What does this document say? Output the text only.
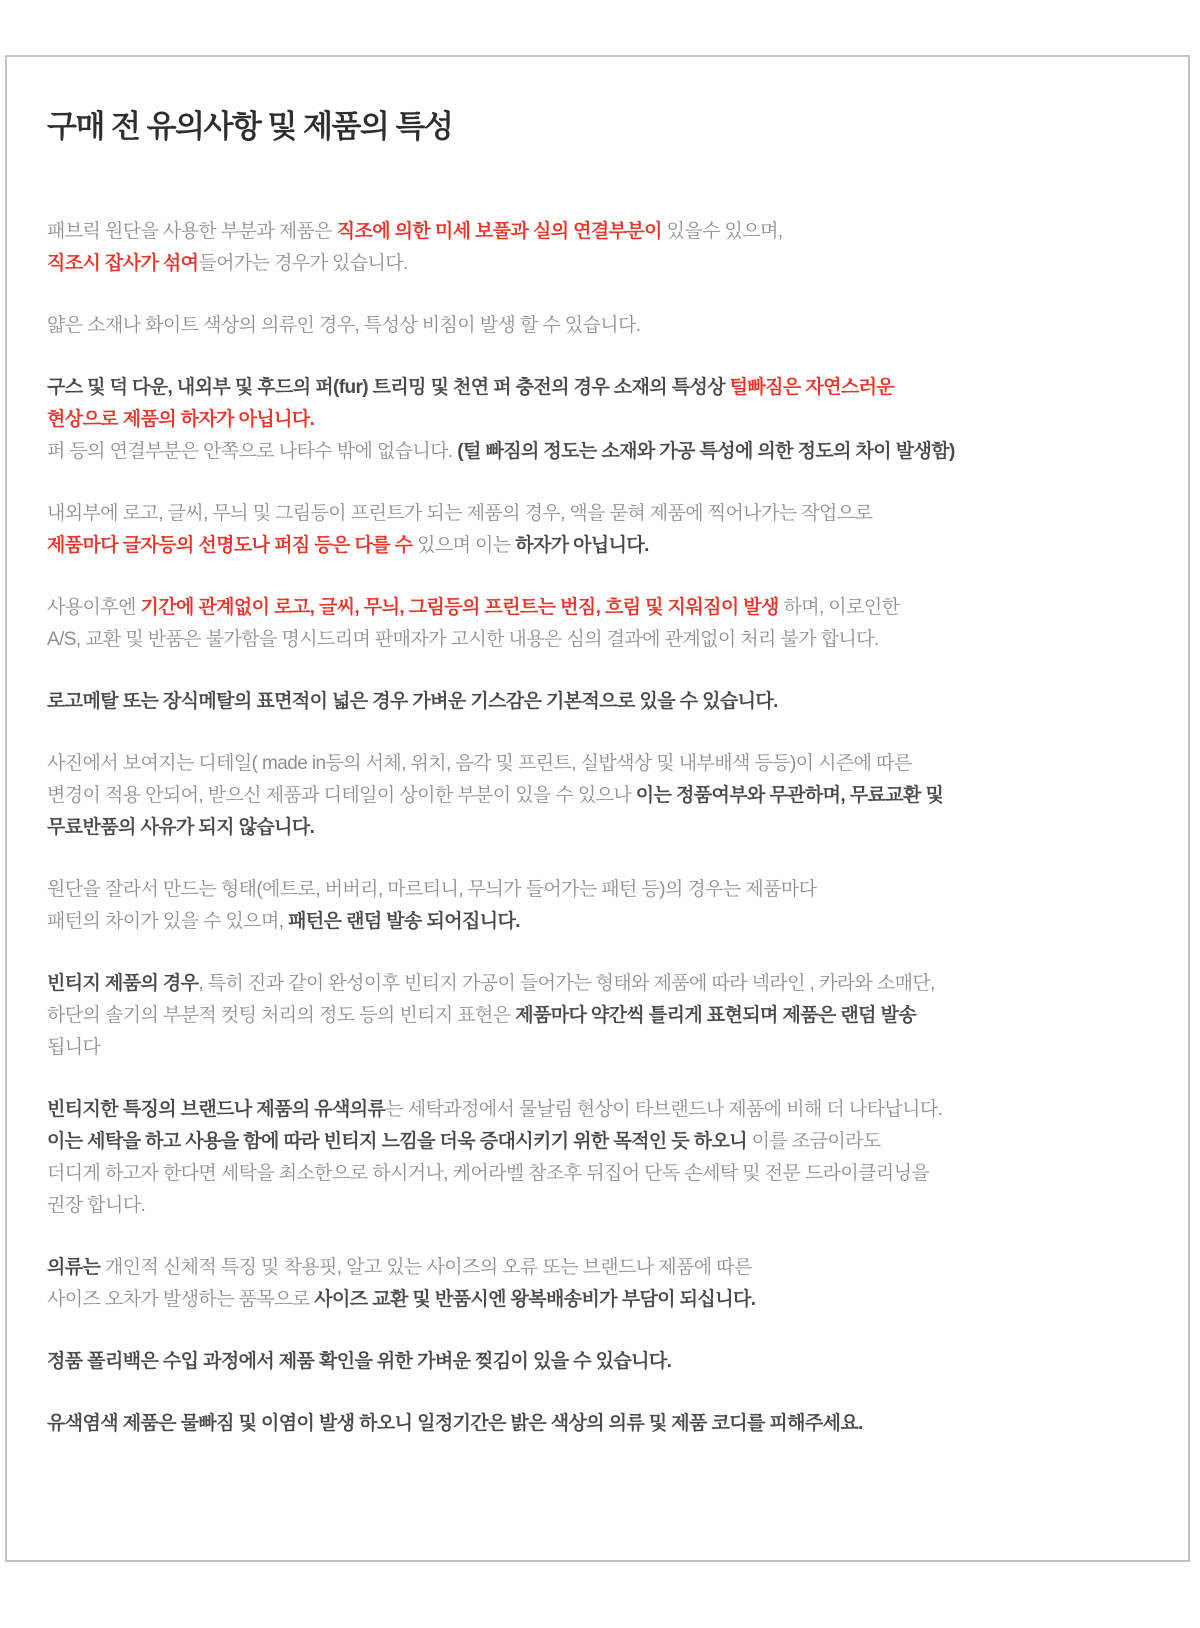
구매 전 유의사항 및 제품의 특성

패브릭 원단을 사용한 부분과 제품은 직조에 의한 미세 보풀과 실의 연결부분이 있을수 있으며,
직조시 잡사가 섞여들어가는 경우가 있습니다.

얇은 소재나 화이트 색상의 의류인 경우, 특성상 비침이 발생 할 수 있습니다.

구스 및 덕 다운, 내외부 및 후드의 퍼(fur) 트리밍 및 천연 퍼 충전의 경우 소재의 특성상 털빠짐은 자연스러운
현상으로 제품의 하자가 아닙니다.
퍼 등의 연결부분은 안쪽으로 나타수 밖에 없습니다. (털 빠짐의 정도는 소재와 가공 특성에 의한 정도의 차이 발생함)

내외부에 로고, 글씨, 무늬 및 그림등이 프린트가 되는 제품의 경우, 액을 묻혀 제품에 찍어나가는 작업으로
제품마다 글자등의 선명도나 퍼짐 등은 다를 수 있으며 이는 하자가 아닙니다.

사용이후엔 기간에 관계없이 로고, 글씨, 무늬, 그림등의 프린트는 번짐, 흐림 및 지워짐이 발생 하며, 이로인한
A/S, 교환 및 반품은 불가함을 명시드리며 판매자가 고시한 내용은 심의 결과에 관계없이 처리 불가 합니다.

로고메탈 또는 장식메탈의 표면적이 넓은 경우 가벼운 기스감은 기본적으로 있을 수 있습니다.

사진에서 보여지는 디테일( made in등의 서체, 위치, 음각 및 프린트, 실밥색상 및 내부배색 등등)이 시즌에 따른
변경이 적용 안되어, 받으신 제품과 디테일이 상이한 부분이 있을 수 있으나 이는 정품여부와 무관하며, 무료교환 및
무료반품의 사유가 되지 않습니다.

원단을 잘라서 만드는 형태(에트로, 버버리, 마르티니, 무늬가 들어가는 패턴 등)의 경우는 제품마다
패턴의 차이가 있을 수 있으며, 패턴은 랜덤 발송 되어집니다.

빈티지 제품의 경우, 특히 진과 같이 완성이후 빈티지 가공이 들어가는 형태와 제품에 따라 넥라인 , 카라와 소매단,
하단의 솔기의 부분적 컷팅 처리의 정도 등의 빈티지 표현은 제품마다 약간씩 틀리게 표현되며 제품은 랜덤 발송
됩니다

빈티지한 특징의 브랜드나 제품의 유색의류는 세탁과정에서 물날림 현상이 타브랜드나 제품에 비해 더 나타납니다.
이는 세탁을 하고 사용을 함에 따라 빈티지 느낌을 더욱 증대시키기 위한 목적인 듯 하오니 이를 조금이라도
더디게 하고자 한다면 세탁을 최소한으로 하시거나, 케어라벨 참조후 뒤집어 단독 손세탁 및 전문 드라이클리닝을
권장 합니다.

의류는 개인적 신체적 특징 및 착용핏, 알고 있는 사이즈의 오류 또는 브랜드나 제품에 따른
사이즈 오차가 발생하는 품목으로 사이즈 교환 및 반품시엔 왕복배송비가 부담이 되십니다.

정품 폴리백은 수입 과정에서 제품 확인을 위한 가벼운 찢김이 있을 수 있습니다.

유색염색 제품은 물빠짐 및 이염이 발생 하오니 일정기간은 밝은 색상의 의류 및 제품 코디를 피해주세요.
